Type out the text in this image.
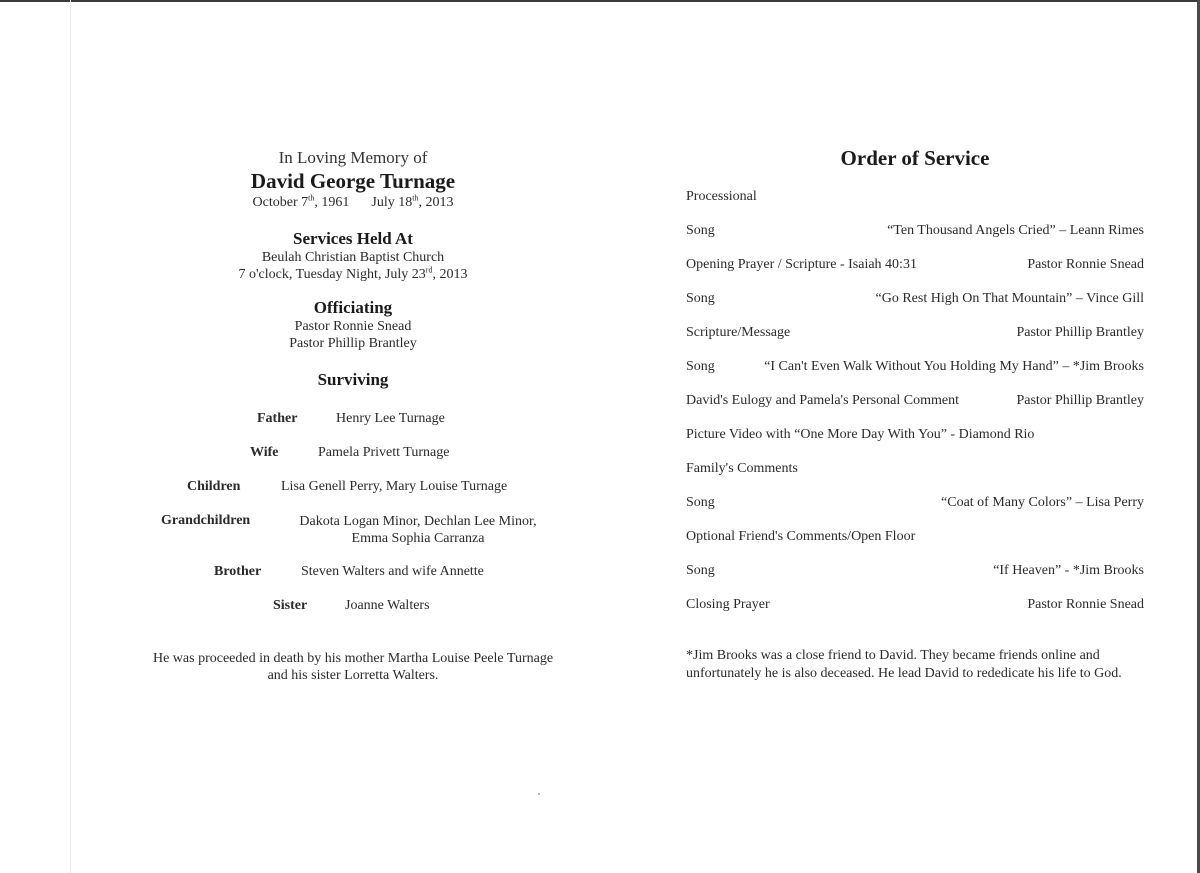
In Loving Memory of
David George Turnage
October 7th, 1961 July 18th, 2013
Services Held At
Beulah Christian Baptist Church
7 o'clock, Tuesday Night, July 23rd, 2013
Officiating
Pastor Ronnie Snead
Pastor Phillip Brantley
Surviving
Father	Henry Lee Turnage
Wife	Pamela Privett Turnage
Children	Lisa Genell Perry, Mary Louise Turnage
Grandchildren	Dakota Logan Minor, Dechlan Lee Minor,
Emma Sophia Carranza
Brother	Steven Walters and wife Annette
Sister	Joanne Walters
He was proceeded in death by his mother Martha Louise Peele Turnage
and his sister Lorretta Walters.
Order of Service
Processional
Song	“Ten Thousand Angels Cried” – Leann Rimes
Opening Prayer / Scripture - Isaiah 40:31	Pastor Ronnie Snead
Song	“Go Rest High On That Mountain” – Vince Gill
Scripture/Message	Pastor Phillip Brantley
Song	“I Can't Even Walk Without You Holding My Hand” – *Jim Brooks
David's Eulogy and Pamela's Personal Comment	Pastor Phillip Brantley
Picture Video with “One More Day With You” - Diamond Rio
Family's Comments
Song	“Coat of Many Colors” – Lisa Perry
Optional Friend's Comments/Open Floor
Song	“If Heaven” - *Jim Brooks
Closing Prayer	Pastor Ronnie Snead
*Jim Brooks was a close friend to David. They became friends online and
unfortunately he is also deceased. He lead David to rededicate his life to God.
